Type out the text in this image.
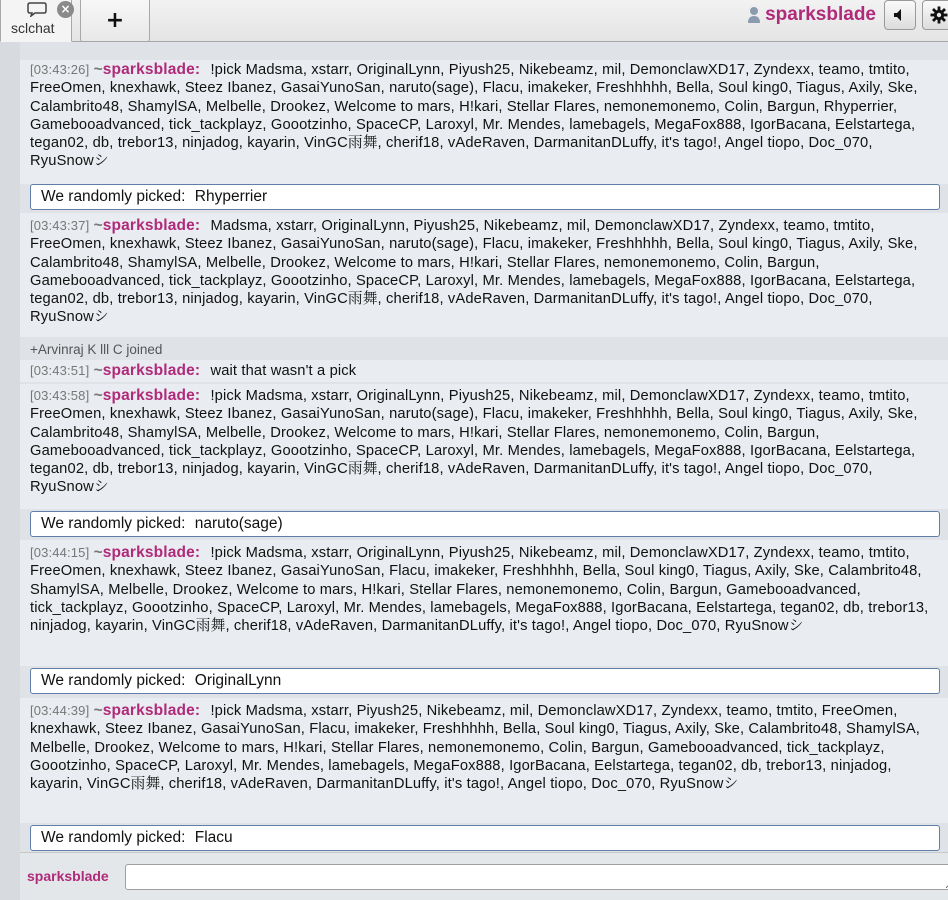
×
sclchat +	sparksblade
[03:43:26] ~sparksblade: !pick Madsma, xstarr, OriginalLynn, Piyush25, Nikebeamz, mil, DemonclawXD17, Zyndexx, teamo, tmtito, FreeOmen, knexhawk, Steez Ibanez, GasaiYunoSan, naruto(sage), Flacu, imakeker, Freshhhhh, Bella, Soul king0, Tiagus, Axily, Ske, Calambrito48, ShamylSA, Melbelle, Drookez, Welcome to mars, H!kari, Stellar Flares, nemonemonemo, Colin, Bargun, Rhyperrier, Gamebooadvanced, tick_tackplayz, Goootzinho, SpaceCP, Laroxyl, Mr. Mendes, lamebagels, MegaFox888, IgorBacana, Eelstartega, tegan02, db, trebor13, ninjadog, kayarin, VinGC雨舞, cherif18, vAdeRaven, DarmanitanDLuffy, it's tago!, Angel tiopo, Doc_070, RyuSnowシ
We randomly picked: Rhyperrier
[03:43:37] ~sparksblade: Madsma, xstarr, OriginalLynn, Piyush25, Nikebeamz, mil, DemonclawXD17, Zyndexx, teamo, tmtito, FreeOmen, knexhawk, Steez Ibanez, GasaiYunoSan, naruto(sage), Flacu, imakeker, Freshhhhh, Bella, Soul king0, Tiagus, Axily, Ske, Calambrito48, ShamylSA, Melbelle, Drookez, Welcome to mars, H!kari, Stellar Flares, nemonemonemo, Colin, Bargun, Gamebooadvanced, tick_tackplayz, Goootzinho, SpaceCP, Laroxyl, Mr. Mendes, lamebagels, MegaFox888, IgorBacana, Eelstartega, tegan02, db, trebor13, ninjadog, kayarin, VinGC雨舞, cherif18, vAdeRaven, DarmanitanDLuffy, it's tago!, Angel tiopo, Doc_070, RyuSnowシ
+Arvinraj K lll C joined
[03:43:51] ~sparksblade: wait that wasn't a pick
[03:43:58] ~sparksblade: !pick Madsma, xstarr, OriginalLynn, Piyush25, Nikebeamz, mil, DemonclawXD17, Zyndexx, teamo, tmtito, FreeOmen, knexhawk, Steez Ibanez, GasaiYunoSan, naruto(sage), Flacu, imakeker, Freshhhhh, Bella, Soul king0, Tiagus, Axily, Ske, Calambrito48, ShamylSA, Melbelle, Drookez, Welcome to mars, H!kari, Stellar Flares, nemonemonemo, Colin, Bargun, Gamebooadvanced, tick_tackplayz, Goootzinho, SpaceCP, Laroxyl, Mr. Mendes, lamebagels, MegaFox888, IgorBacana, Eelstartega, tegan02, db, trebor13, ninjadog, kayarin, VinGC雨舞, cherif18, vAdeRaven, DarmanitanDLuffy, it's tago!, Angel tiopo, Doc_070, RyuSnowシ
We randomly picked: naruto(sage)
[03:44:15] ~sparksblade: !pick Madsma, xstarr, OriginalLynn, Piyush25, Nikebeamz, mil, DemonclawXD17, Zyndexx, teamo, tmtito, FreeOmen, knexhawk, Steez Ibanez, GasaiYunoSan, Flacu, imakeker, Freshhhhh, Bella, Soul king0, Tiagus, Axily, Ske, Calambrito48, ShamylSA, Melbelle, Drookez, Welcome to mars, H!kari, Stellar Flares, nemonemonemo, Colin, Bargun, Gamebooadvanced, tick_tackplayz, Goootzinho, SpaceCP, Laroxyl, Mr. Mendes, lamebagels, MegaFox888, IgorBacana, Eelstartega, tegan02, db, trebor13, ninjadog, kayarin, VinGC雨舞, cherif18, vAdeRaven, DarmanitanDLuffy, it's tago!, Angel tiopo, Doc_070, RyuSnowシ
We randomly picked: OriginalLynn
[03:44:39] ~sparksblade: !pick Madsma, xstarr, Piyush25, Nikebeamz, mil, DemonclawXD17, Zyndexx, teamo, tmtito, FreeOmen, knexhawk, Steez Ibanez, GasaiYunoSan, Flacu, imakeker, Freshhhhh, Bella, Soul king0, Tiagus, Axily, Ske, Calambrito48, ShamylSA, Melbelle, Drookez, Welcome to mars, H!kari, Stellar Flares, nemonemonemo, Colin, Bargun, Gamebooadvanced, tick_tackplayz, Goootzinho, SpaceCP, Laroxyl, Mr. Mendes, lamebagels, MegaFox888, IgorBacana, Eelstartega, tegan02, db, trebor13, ninjadog, kayarin, VinGC雨舞, cherif18, vAdeRaven, DarmanitanDLuffy, it's tago!, Angel tiopo, Doc_070, RyuSnowシ
We randomly picked: Flacu
sparksblade
